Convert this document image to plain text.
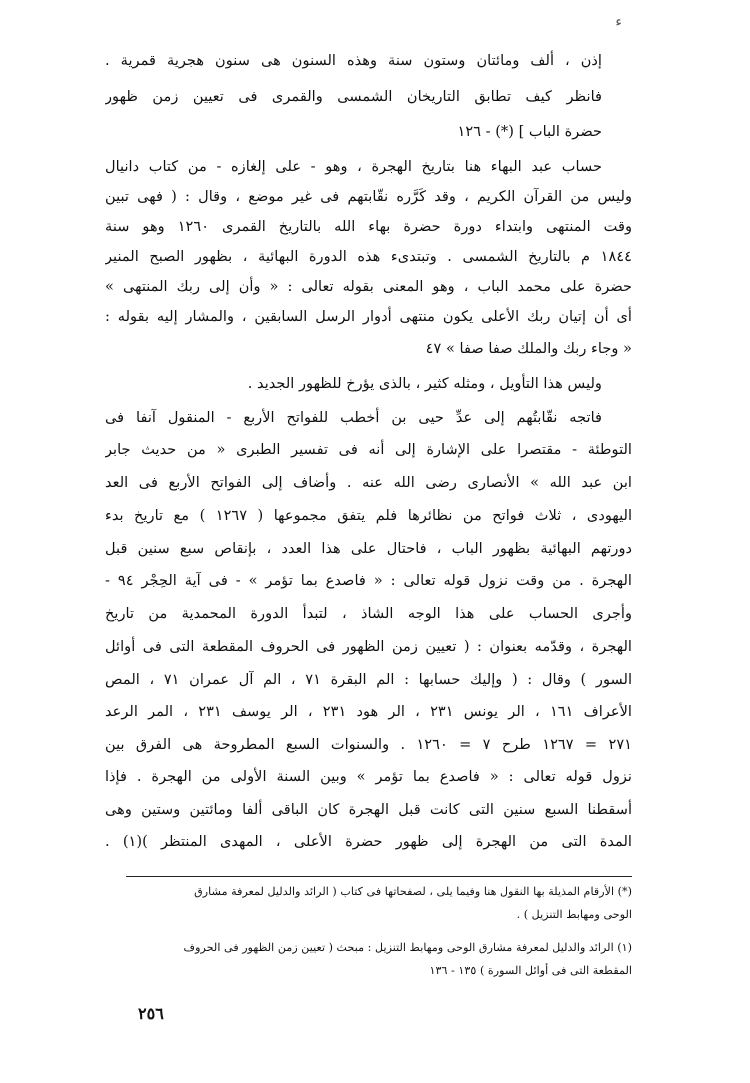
ء
إذن ، ألف ومائتان وستون سنة وهذه السنون هى سنون هجرية قمرية .
فانظر كيف تطابق التاريخان الشمسى والقمرى فى تعيين زمن ظهور
حضرة الباب ] (*) - ١٢٦
حساب عبد البهاء هنا بتاريخ الهجرة ، وهو - على إلغازه - من كتاب دانيال
وليس من القرآن الكريم ، وقد كَرَّره نقّابتهم فى غير موضع ، وقال : ( فهى تبين
وقت المنتهى وابتداء دورة حضرة بهاء الله بالتاريخ القمرى ١٢٦٠ وهو سنة
١٨٤٤ م بالتاريخ الشمسى . وتبتدىء هذه الدورة البهائية ، بظهور الصبح المنير
حضرة على محمد الباب ، وهو المعنى بقوله تعالى : « وأن إلى ربك المنتهى »
أى أن إتيان ربك الأعلى يكون منتهى أدوار الرسل السابقين ، والمشار إليه بقوله :
« وجاء ربك والملك صفا صفا » ٤٧
وليس هذا التأويل ، ومثله كثير ، بالذى يؤرخ للظهور الجديد .
فاتجه نقّابتُهم إلى عدِّ حيى بن أخطب للفواتح الأربع - المنقول آنفا فى
التوطئة - مقتصرا على الإشارة إلى أنه فى تفسير الطبرى « من حديث جابر
ابن عبد الله » الأنصارى رضى الله عنه . وأضاف إلى الفواتح الأربع فى العد
اليهودى ، ثلاث فواتح من نظائرها فلم يتفق مجموعها ( ١٢٦٧ ) مع تاريخ بدء
دورتهم البهائية بظهور الباب ، فاحتال على هذا العدد ، بإنقاص سبع سنين قبل
الهجرة . من وقت نزول قوله تعالى : « فاصدع بما تؤمر » - فى آية الحِجْر ٩٤ -
وأجرى الحساب على هذا الوجه الشاذ ، لتبدأ الدورة المحمدية من تاريخ
الهجرة ، وقدّمه بعنوان : ( تعيين زمن الظهور فى الحروف المقطعة التى فى أوائل
السور ) وقال : ( وإليك حسابها : الم البقرة ٧١ ، الم آل عمران ٧١ ، المص
الأعراف ١٦١ ، الر يونس ٢٣١ ، الر هود ٢٣١ ، الر يوسف ٢٣١ ، المر الرعد
٢٧١ = ١٢٦٧ طرح ٧ = ١٢٦٠ . والسنوات السبع المطروحة هى الفرق بين
نزول قوله تعالى : « فاصدع بما تؤمر » وبين السنة الأولى من الهجرة . فإذا
أسقطنا السبع سنين التى كانت قبل الهجرة كان الباقى ألفا ومائتين وستين وهى
المدة التى من الهجرة إلى ظهور حضرة الأعلى ، المهدى المنتظر )(١) .
(*) الأرقام المذيلة بها النقول هنا وفيما يلى ، لصفحاتها فى كتاب ( الرائد والدليل لمعرفة مشارق
الوحى ومهابط التنزيل ) .
(١) الرائد والدليل لمعرفة مشارق الوحى ومهابط التنزيل : مبحث ( تعيين زمن الظهور فى الحروف
المقطعة التى فى أوائل السورة ) ١٣٥ - ١٣٦
٢٥٦
